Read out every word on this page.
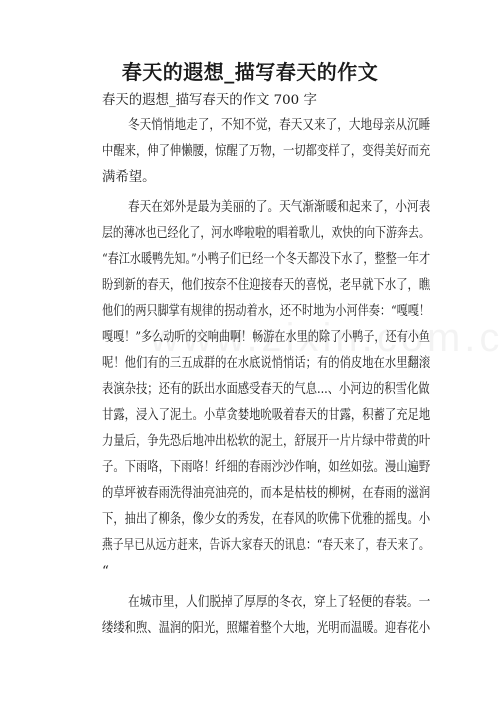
春天的遐想_描写春天的作文
春天的遐想_描写春天的作文 700 字
冬天悄悄地走了，不知不觉，春天又来了，大地母亲从沉睡
中醒来，伸了伸懒腰，惊醒了万物，一切都变样了，变得美好而充
满希望。
春天在郊外是最为美丽的了。天气渐渐暖和起来了，小河表
层的薄冰也已经化了，河水哗啦啦的唱着歌儿，欢快的向下游奔去。
“春江水暖鸭先知。”小鸭子们已经一个冬天都没下水了，整整一年才
盼到新的春天，他们按奈不住迎接春天的喜悦，老早就下水了，瞧
他们的两只脚掌有规律的拐动着水，还不时地为小河伴奏：“嘎嘎！
嘎嘎！”多么动听的交响曲啊！畅游在水里的除了小鸭子，还有小鱼
呢！他们有的三五成群的在水底说悄悄话；有的俏皮地在水里翻滚
表演杂技；还有的跃出水面感受春天的气息...、小河边的积雪化做
甘露，浸入了泥土。小草贪婪地吮吸着春天的甘露，积蓄了充足地
力量后，争先恐后地冲出松软的泥土，舒展开一片片绿中带黄的叶
子。下雨咯，下雨咯！纤细的春雨沙沙作响，如丝如弦。漫山遍野
的草坪被春雨洗得油亮油亮的，而本是枯枝的柳树，在春雨的滋润
下，抽出了柳条，像少女的秀发，在春风的吹佛下优雅的摇曳。小
燕子早已从远方赶来，告诉大家春天的讯息：“春天来了，春天来了。
“
在城市里，人们脱掉了厚厚的冬衣，穿上了轻便的春装。一
缕缕和煦、温润的阳光，照耀着整个大地，光明而温暖。迎春花小
